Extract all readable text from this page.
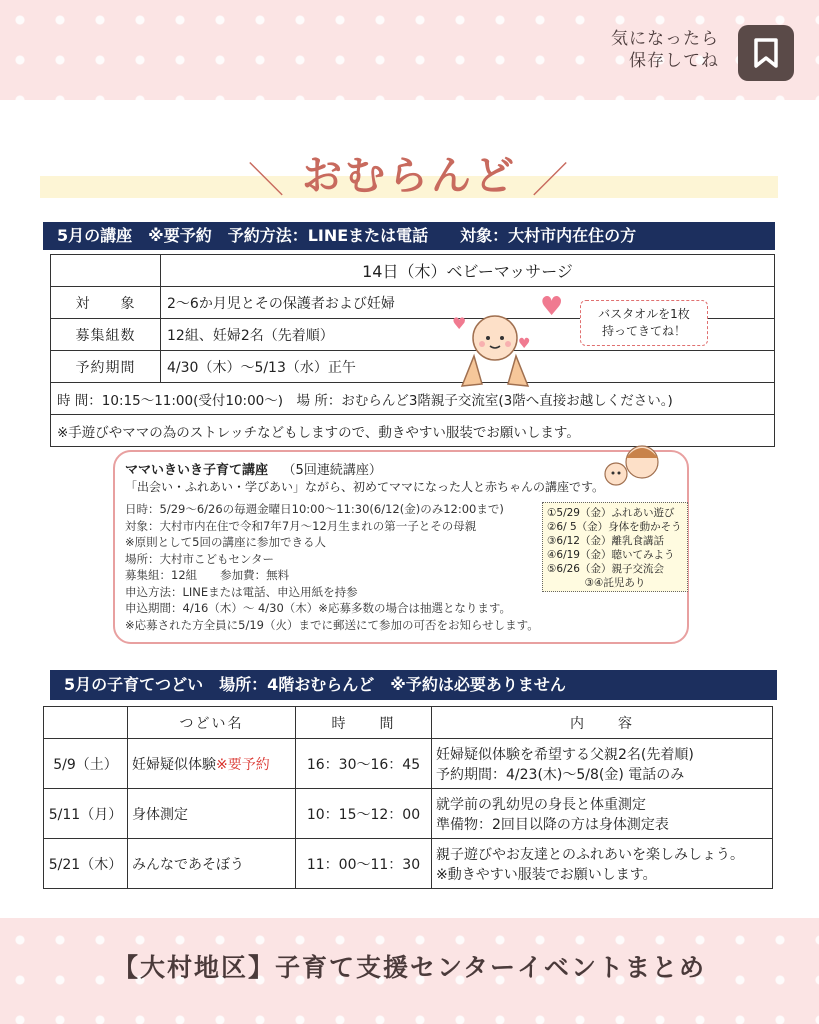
気になったら
保存してね
＼ おむらんど ／
5月の講座　※要予約　予約方法：LINEまたは電話　　対象：大村市内在住の方
	14日（木）ベビーマッサージ
対　　象	2〜6か月児とその保護者および妊婦
募集組数	12組、妊婦2名（先着順）
予約期間	4/30（木）〜5/13（水）正午
時 間：10:15〜11:00(受付10:00〜)　場 所：おむらんど3階親子交流室(3階へ直接お越しください。)	
※手遊びやママの為のストレッチなどもしますので、動きやすい服装でお願いします。	
♥
♥
♥
バスタオルを1枚
持ってきてね！
ママいきいき子育て講座 （5回連続講座）
「出会い・ふれあい・学びあい」ながら、初めてママになった人と赤ちゃんの講座です。
日時：5/29〜6/26の毎週金曜日10:00〜11:30(6/12(金)のみ12:00まで)
対象：大村市内在住で令和7年7月〜12月生まれの第一子とその母親
※原則として5回の講座に参加できる人
場所：大村市こどもセンター
募集組：12組　　参加費：無料
申込方法：LINEまたは電話、申込用紙を持参
申込期間：4/16（木）〜 4/30（木）※応募多数の場合は抽選となります。
※応募された方全員に5/19（火）までに郵送にて参加の可否をお知らせします。
①5/29（金）ふれあい遊び
②6/ 5（金）身体を動かそう
③6/12（金）離乳食講話
④6/19（金）聴いてみよう
⑤6/26（金）親子交流会
③④託児あり
5月の子育てつどい　場所：4階おむらんど　※予約は必要ありません
	つどい名	時　　間	内　　容
5/9（土）	妊婦疑似体験※要予約	16：30〜16：45	妊婦疑似体験を希望する父親2名(先着順)
予約期間：4/23(木)〜5/8(金) 電話のみ

5/11（月）	身体測定	10：15〜12：00	就学前の乳幼児の身長と体重測定
準備物：2回目以降の方は身体測定表

5/21（木）	みんなであそぼう	11：00〜11：30	親子遊びやお友達とのふれあいを楽しみしょう。
※動きやすい服装でお願いします。
【大村地区】子育て支援センターイベントまとめ
